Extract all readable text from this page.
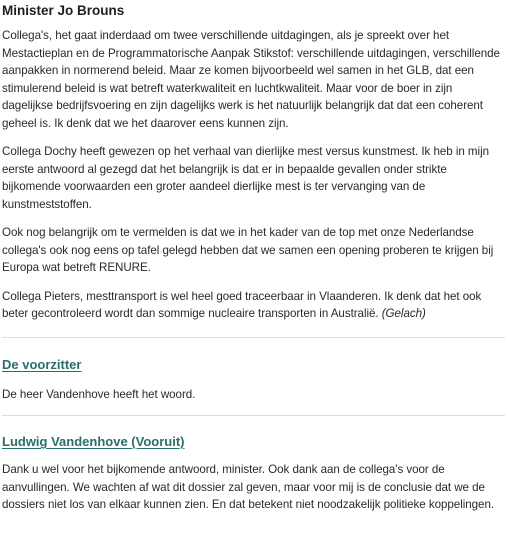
Minister Jo Brouns

Collega's, het gaat inderdaad om twee verschillende uitdagingen, als je spreekt over het Mestactieplan en de Programmatorische Aanpak Stikstof: verschillende uitdagingen, verschillende aanpakken in normerend beleid. Maar ze komen bijvoorbeeld wel samen in het GLB, dat een stimulerend beleid is wat betreft waterkwaliteit en luchtkwaliteit. Maar voor de boer in zijn dagelijkse bedrijfsvoering en zijn dagelijks werk is het natuurlijk belangrijk dat dat een coherent geheel is. Ik denk dat we het daarover eens kunnen zijn.

Collega Dochy heeft gewezen op het verhaal van dierlijke mest versus kunstmest. Ik heb in mijn eerste antwoord al gezegd dat het belangrijk is dat er in bepaalde gevallen onder strikte bijkomende voorwaarden een groter aandeel dierlijke mest is ter vervanging van de kunstmeststoffen.

Ook nog belangrijk om te vermelden is dat we in het kader van de top met onze Nederlandse collega's ook nog eens op tafel gelegd hebben dat we samen een opening proberen te krijgen bij Europa wat betreft RENURE.

Collega Pieters, mesttransport is wel heel goed traceerbaar in Vlaanderen. Ik denk dat het ook beter gecontroleerd wordt dan sommige nucleaire transporten in Australië. (Gelach)

De voorzitter

De heer Vandenhove heeft het woord.

Ludwig Vandenhove (Vooruit)

Dank u wel voor het bijkomende antwoord, minister. Ook dank aan de collega's voor de aanvullingen. We wachten af wat dit dossier zal geven, maar voor mij is de conclusie dat we de dossiers niet los van elkaar kunnen zien. En dat betekent niet noodzakelijk politieke koppelingen.
